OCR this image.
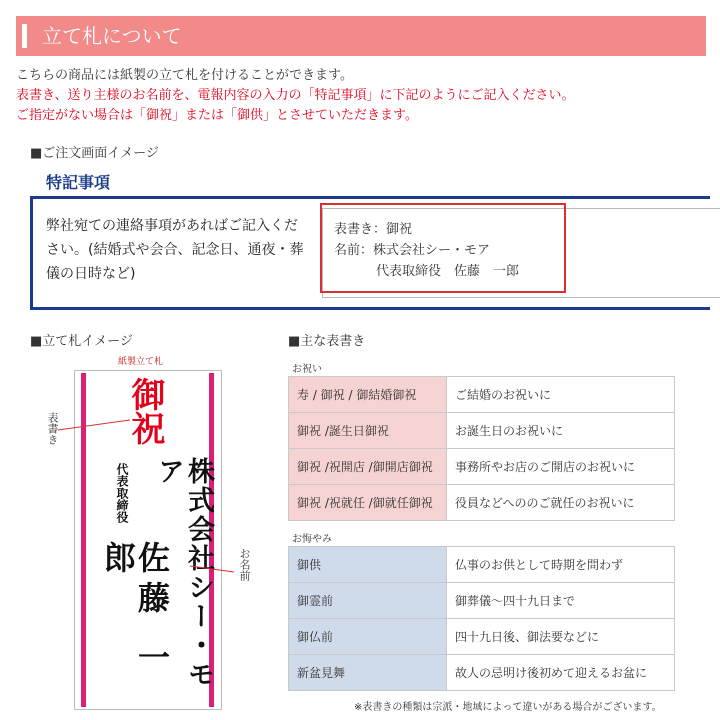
立て札について
こちらの商品には紙製の立て札を付けることができます。
表書き、送り主様のお名前を、電報内容の入力の「特記事項」に下記のようにご記入ください。
ご指定がない場合は「御祝」または「御供」とさせていただきます。
■ご注文画面イメージ
特記事項
弊社宛ての連絡事項があればご記入ください。(結婚式や会合、記念日、通夜・葬儀の日時など)
表書き：御祝
名前：株式会社シー・モア
代表取締役　佐藤　一郎
■立て札イメージ
紙製立て札
御祝
株式会社シー・モア
代表取締役
佐藤 一郎
表書き
お名前
■主な表書き
お祝い
寿 / 御祝 / 御結婚御祝	ご結婚のお祝いに
御祝 /誕生日御祝	お誕生日のお祝いに
御祝 /祝開店 /御開店御祝	事務所やお店のご開店のお祝いに
御祝 /祝就任 /御就任御祝	役員などへののご就任のお祝いに
お悔やみ
御供	仏事のお供として時期を問わず
御霊前	御葬儀〜四十九日まで
御仏前	四十九日後、御法要などに
新盆見舞	故人の忌明け後初めて迎えるお盆に
※表書きの種類は宗派・地域によって違いがある場合がございます。
